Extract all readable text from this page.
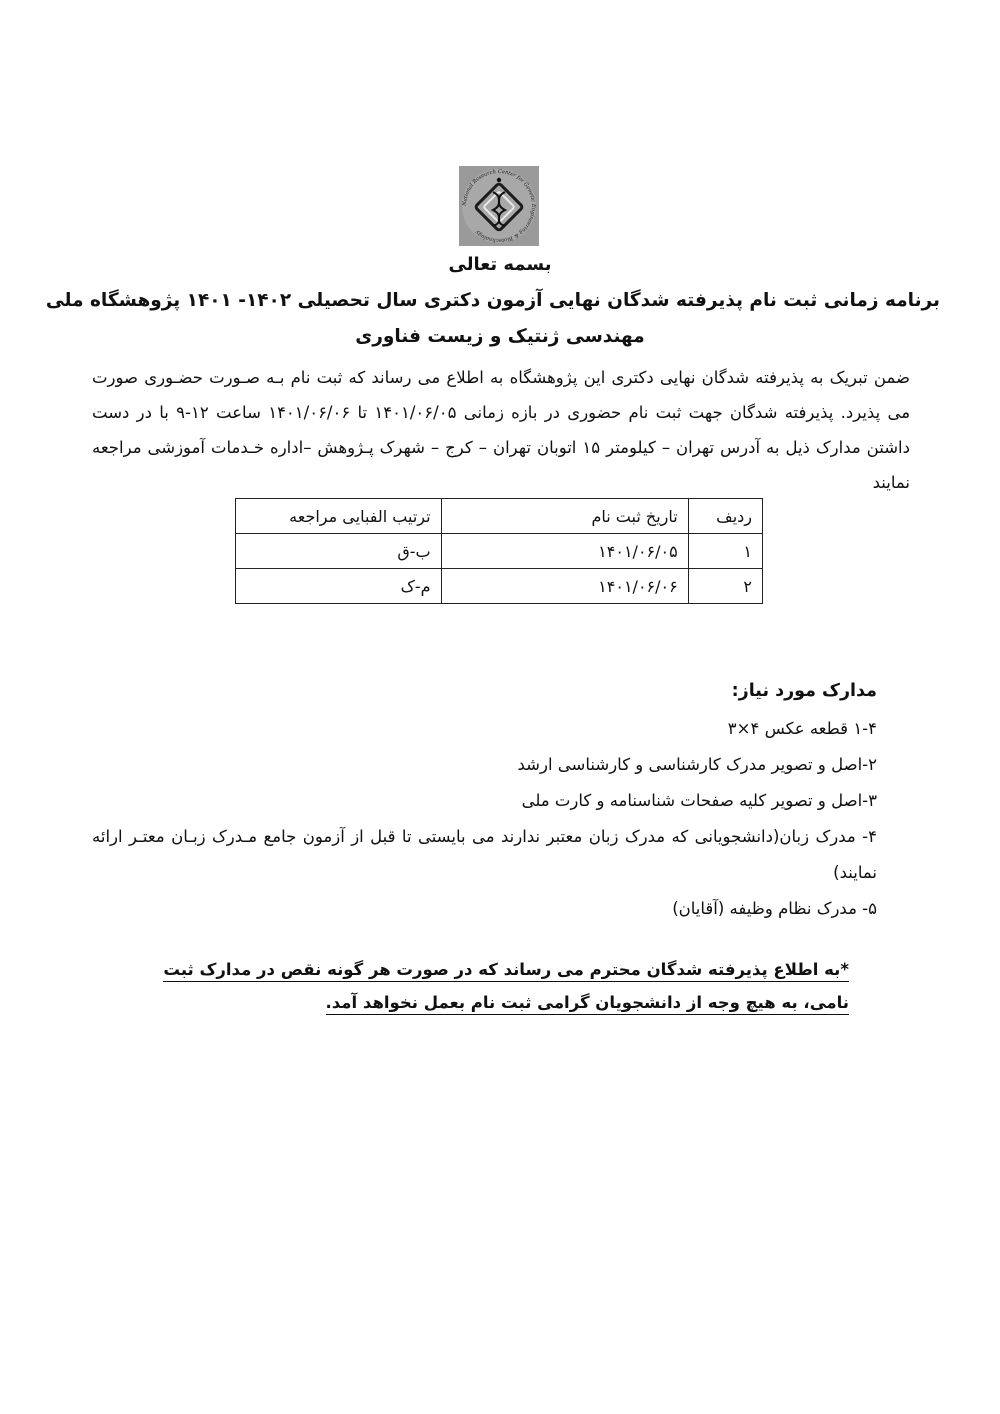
National Research Center for Genetic Engineering & Biotechnology
بسمه تعالی
برنامه زمانی ثبت نام پذیرفته شدگان نهایی آزمون دکتری سال تحصیلی ۱۴۰۲- ۱۴۰۱ پژوهشگاه ملی
مهندسی ژنتیک و زیست فناوری
ضمن تبریک به پذیرفته شدگان نهایی دکتری این پژوهشگاه به اطلاع می رساند که ثبت نام بـه صـورت حضـوری صورت می پذیرد. پذیرفته شدگان جهت ثبت نام حضوری در بازه زمانی ۱۴۰۱/۰۶/۰۵ تا ۱۴۰۱/۰۶/۰۶ ساعت ۱۲-۹ با در دست داشتن مدارک ذیل به آدرس تهران – کیلومتر ۱۵ اتوبان تهران – کرج – شهرک پـژوهش –اداره خـدمات آموزشی مراجعه نمایند
ردیف	تاریخ ثبت نام	ترتیب الفبایی مراجعه
۱	۱۴۰۱/۰۶/۰۵	ب-ق
۲	۱۴۰۱/۰۶/۰۶	م-ک
مدارک مورد نیاز:
۱-۴ قطعه عکس ۴×۳
۲-اصل و تصویر مدرک کارشناسی و کارشناسی ارشد
۳-اصل و تصویر کلیه صفحات شناسنامه و کارت ملی
۴- مدرک زبان(دانشجویانی که مدرک زبان معتبر ندارند می بایستی تا قبل از آزمون جامع مـدرک زبـان معتـر ارائه نمایند)
۵- مدرک نظام وظیفه (آقایان)
*به اطلاع پذیرفته شدگان محترم می رساند که در صورت هر گونه نقص در مدارک ثبت نامی، به هیچ وجه از دانشجویان گرامی ثبت نام بعمل نخواهد آمد.
